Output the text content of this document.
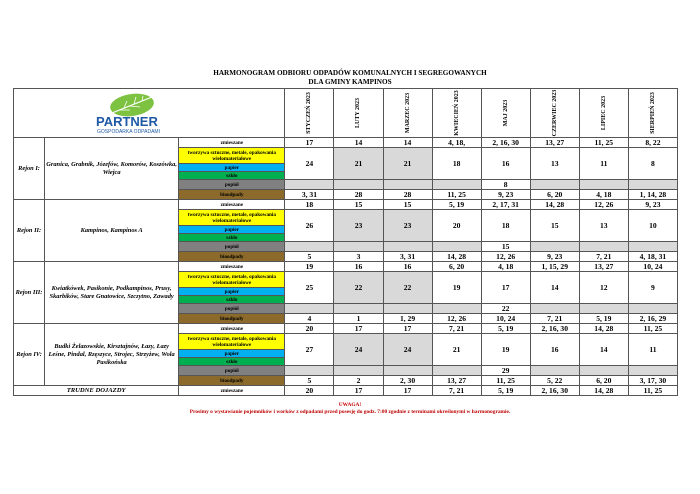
HARMONOGRAM ODBIORU ODPADÓW KOMUNALNYCH I SEGREGOWANYCH
DLA GMINY KAMPINOS
PARTNER
GOSPODARKA ODPADAMI			STYCZEŃ 2023	LUTY 2023	MARZEC 2023	KWIECIEŃ 2023	MAJ 2023	CZERWIEC 2023	LIPIEC 2023	SIERPIEŃ 2023

Rejon I:	Granica, Grabnik, Józefów, Komorów, Koszówka, Wiejca	zmieszane	17	14	14	4, 18,	2, 16, 30	13, 27	11, 25	8, 22
		tworzywa sztuczne, metale, opakowania wielomateriałowe	24	21	21	18	16	13	11	8
		papier								
		szkło								
		popiół					8			
		bioodpady	3, 31	28	28	11, 25	9, 23	6, 20	4, 18	1, 14, 28
Rejon II:	Kampinos, Kampinos A	zmieszane	18	15	15	5, 19	2, 17, 31	14, 28	12, 26	9, 23
		tworzywa sztuczne, metale, opakowania wielomateriałowe	26	23	23	20	18	15	13	10
		papier								
		szkło								
		popiół					15			
		bioodpady	5	3	3, 31	14, 28	12, 26	9, 23	7, 21	4, 18, 31
Rejon III:	Kwiatkówek, Pasikonie, Podkampinos, Prusy, Skarbików, Stare Gnatowice, Szczytno, Zawady	zmieszane	19	16	16	6, 20	4, 18	1, 15, 29	13, 27	10, 24
		tworzywa sztuczne, metale, opakowania wielomateriałowe	25	22	22	19	17	14	12	9
		papier								
		szkło								
		popiół					22			
		bioodpady	4	1	1, 29	12, 26	10, 24	7, 21	5, 19	2, 16, 29
Rejon IV:	Budki Żelazowskie, Kirsztajnów, Łazy, Łazy Leśne, Pindal, Rzęszyce, Strojec, Strzyżew, Wola Pasikońska	zmieszane	20	17	17	7, 21	5, 19	2, 16, 30	14, 28	11, 25
		tworzywa sztuczne, metale, opakowania wielomateriałowe	27	24	24	21	19	16	14	11
		papier								
		szkło								
		popiół					29			
		bioodpady	5	2	2, 30	13, 27	11, 25	5, 22	6, 20	3, 17, 30
TRUDNE DOJAZDY		zmieszane	20	17	17	7, 21	5, 19	2, 16, 30	14, 28	11, 25
UWAGA!
Prosimy o wystawianie pojemników i worków z odpadami przed posesję do godz. 7:00 zgodnie z terminami określonymi w harmonogramie.
